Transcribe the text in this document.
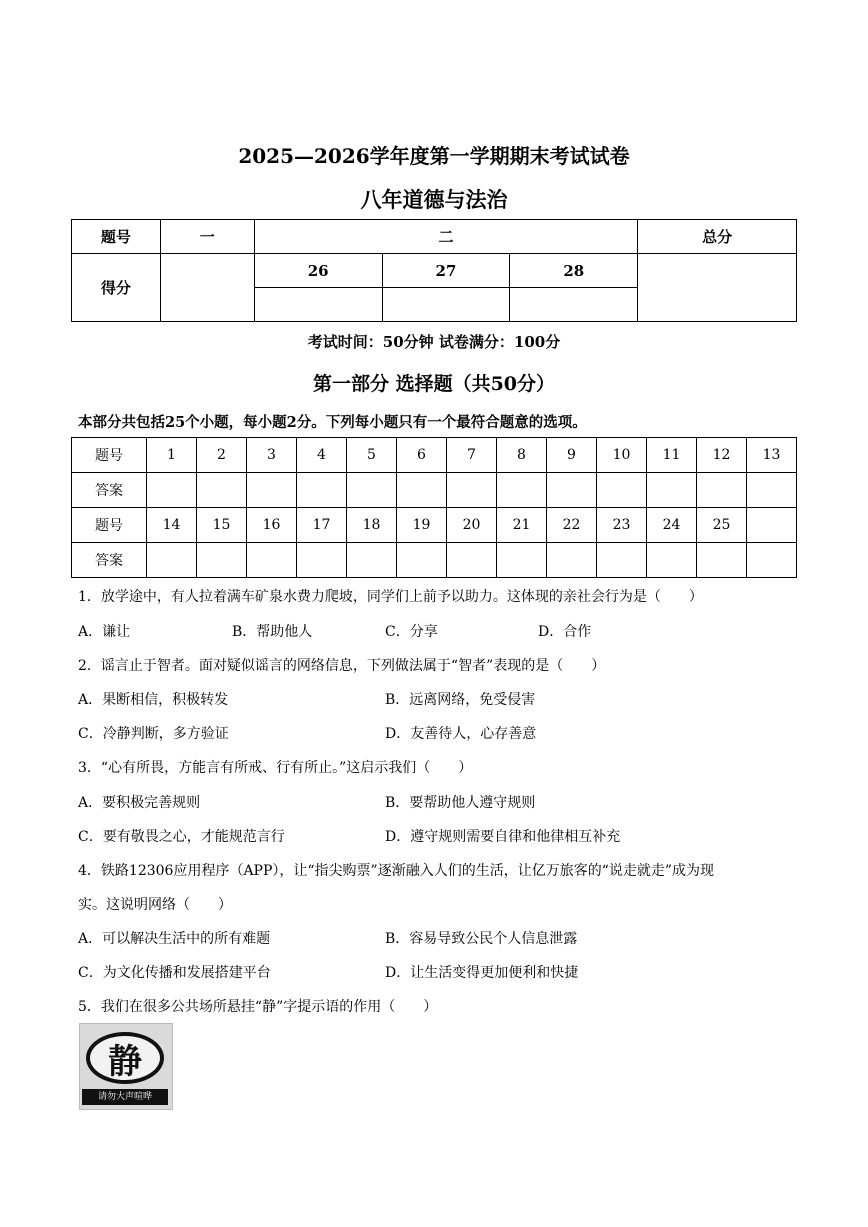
2025—2026学年度第一学期期末考试试卷
八年道德与法治
题号	一	二			总分
得分		26	27	28	

考试时间：50分钟 试卷满分：100分
第一部分 选择题（共50分）
本部分共包括25个小题，每小题2分。下列每小题只有一个最符合题意的选项。
题号	1	2	3	4	5	6	7	8	9	10	11	12	13
答案													
题号	14	15	16	17	18	19	20	21	22	23	24	25	
答案													
1．放学途中，有人拉着满车矿泉水费力爬坡，同学们上前予以助力。这体现的亲社会行为是（　　）
A．谦让	B．帮助他人	C．分享	D．合作
2．谣言止于智者。面对疑似谣言的网络信息，下列做法属于“智者”表现的是（　　）
A．果断相信，积极转发	B．远离网络，免受侵害
C．冷静判断，多方验证	D．友善待人，心存善意
3．“心有所畏，方能言有所戒、行有所止。”这启示我们（　　）
A．要积极完善规则	B．要帮助他人遵守规则
C．要有敬畏之心，才能规范言行	D．遵守规则需要自律和他律相互补充
4．铁路12306应用程序（APP），让“指尖购票”逐渐融入人们的生活，让亿万旅客的“说走就走”成为现
实。这说明网络（　　）
A．可以解决生活中的所有难题	B．容易导致公民个人信息泄露
C．为文化传播和发展搭建平台	D．让生活变得更加便利和快捷
5．我们在很多公共场所悬挂“静”字提示语的作用（　　）
静
请勿大声喧哗
